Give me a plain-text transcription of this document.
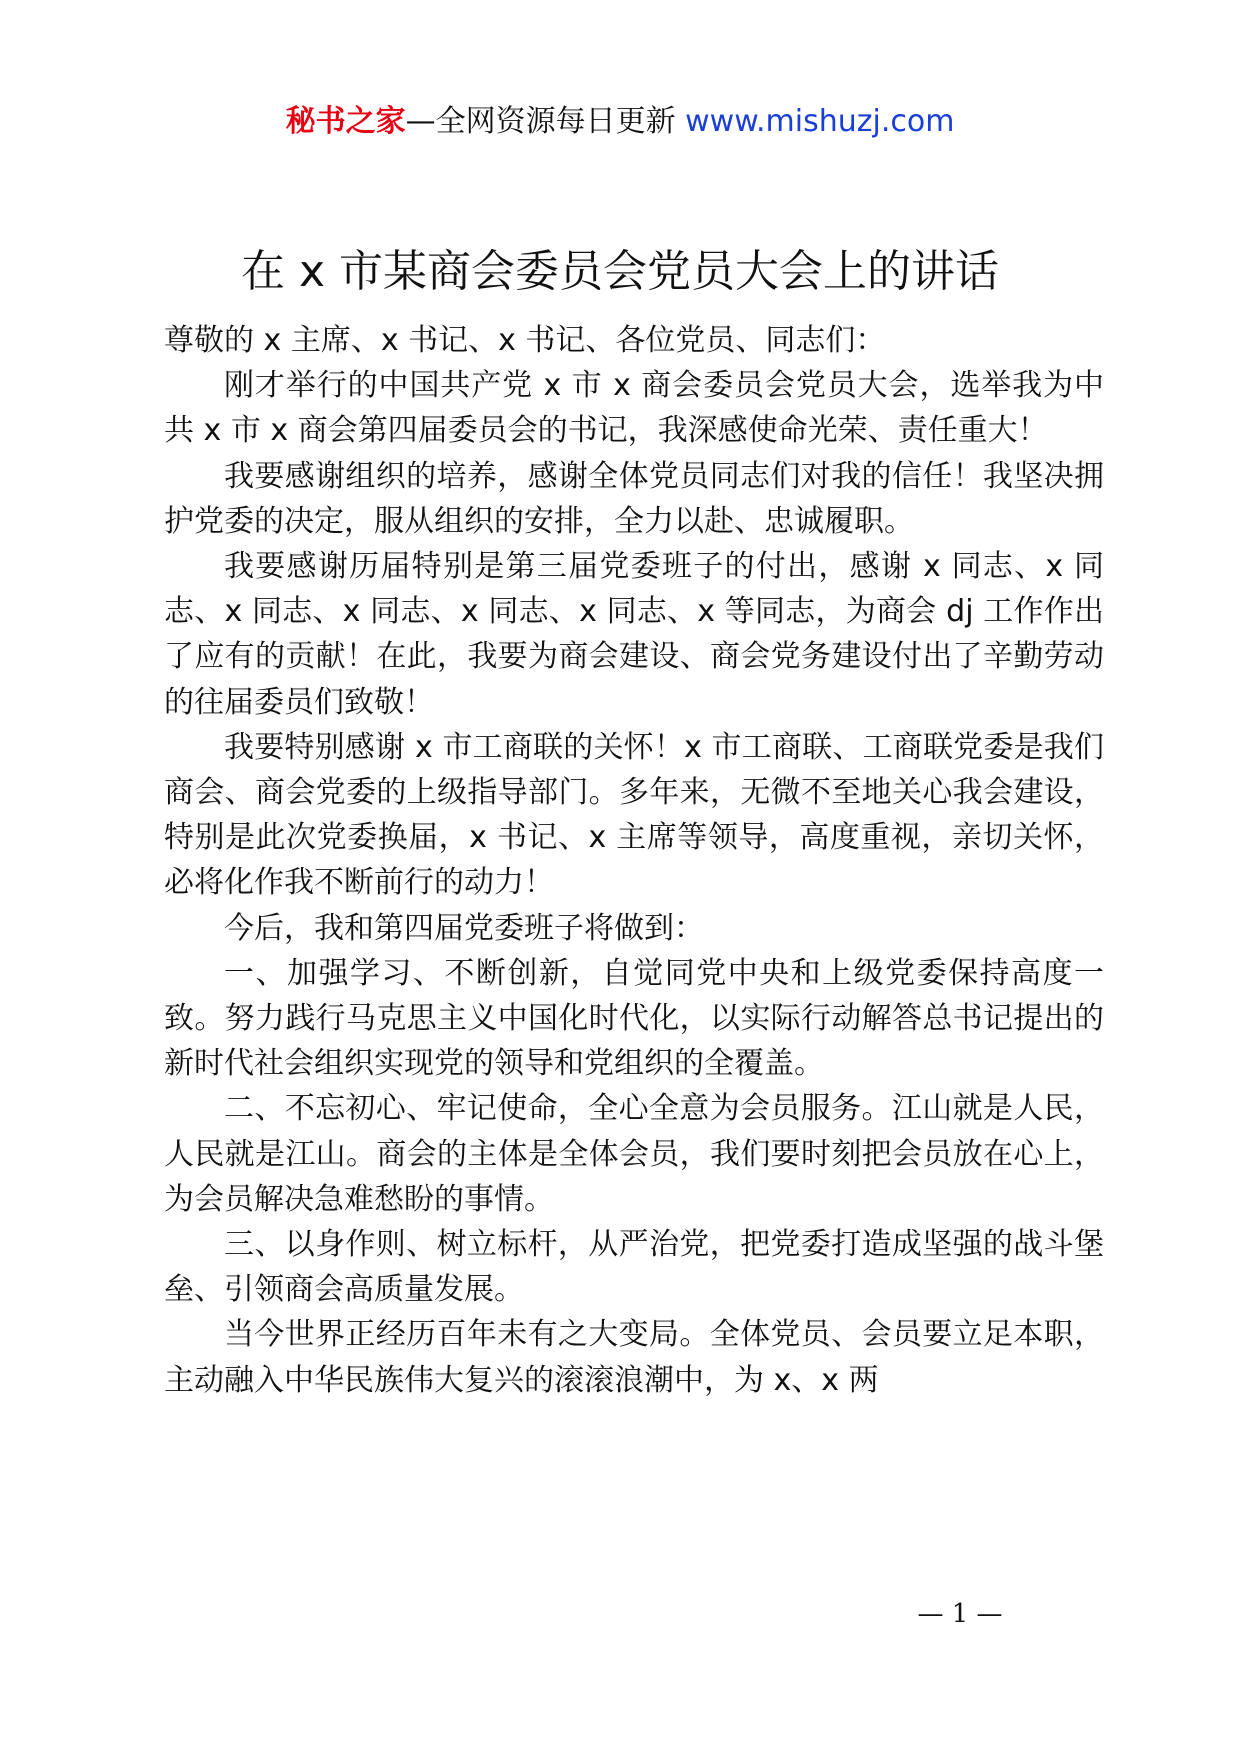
秘书之家—全网资源每日更新 www.mishuzj.com
在 x 市某商会委员会党员大会上的讲话

尊敬的 x 主席、x 书记、x 书记、各位党员、同志们：

刚才举行的中国共产党 x 市 x 商会委员会党员大会，选举我为中共 x 市 x 商会第四届委员会的书记，我深感使命光荣、责任重大！

我要感谢组织的培养，感谢全体党员同志们对我的信任！我坚决拥护党委的决定，服从组织的安排，全力以赴、忠诚履职。

我要感谢历届特别是第三届党委班子的付出，感谢 x 同志、x 同志、x 同志、x 同志、x 同志、x 同志、x 等同志，为商会 dj 工作作出了应有的贡献！在此，我要为商会建设、商会党务建设付出了辛勤劳动的往届委员们致敬！

我要特别感谢 x 市工商联的关怀！x 市工商联、工商联党委是我们商会、商会党委的上级指导部门。多年来，无微不至地关心我会建设，特别是此次党委换届，x 书记、x 主席等领导，高度重视，亲切关怀，必将化作我不断前行的动力！

今后，我和第四届党委班子将做到：

一、加强学习、不断创新，自觉同党中央和上级党委保持高度一致。努力践行马克思主义中国化时代化，以实际行动解答总书记提出的新时代社会组织实现党的领导和党组织的全覆盖。

二、不忘初心、牢记使命，全心全意为会员服务。江山就是人民，人民就是江山。商会的主体是全体会员，我们要时刻把会员放在心上，为会员解决急难愁盼的事情。

三、以身作则、树立标杆，从严治党，把党委打造成坚强的战斗堡垒、引领商会高质量发展。

当今世界正经历百年未有之大变局。全体党员、会员要立足本职，主动融入中华民族伟大复兴的滚滚浪潮中，为 x、x 两

— 1 —
